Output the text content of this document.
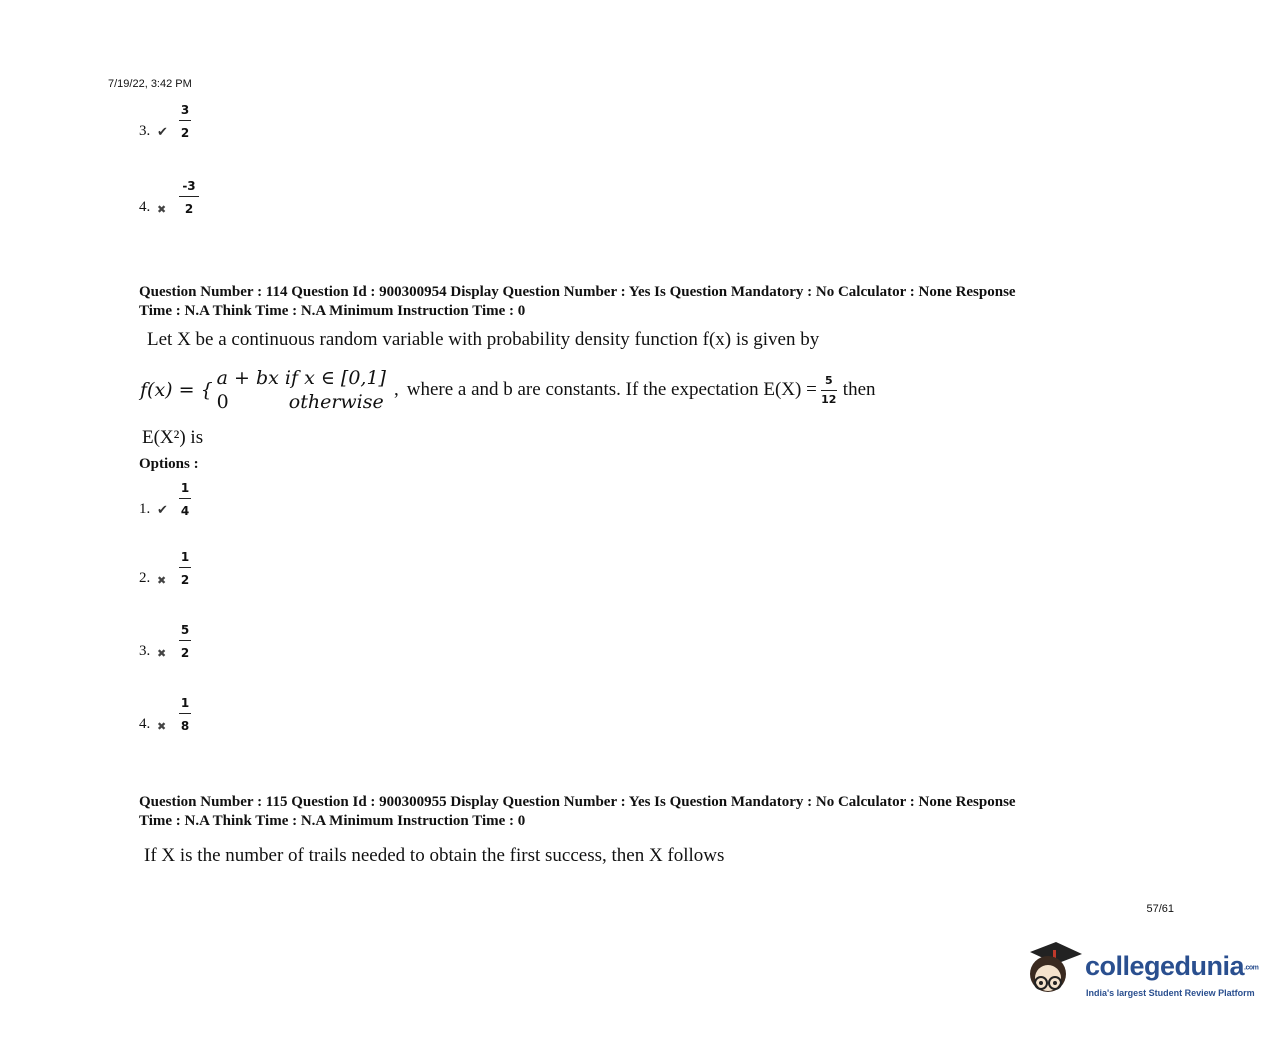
7/19/22, 3:42 PM
3. ✔ $\frac{3}{2}$
4. ✖	$\frac{-3}{2}$
Question Number : 114 Question Id : 900300954 Display Question Number : Yes Is Question Mandatory : No Calculator : None Response
Time : N.A Think Time : N.A Minimum Instruction Time : 0
Let X be a continuous random variable with probability density function f(x) is given by
f(x) = {
a + bx if x ∈ [0,1]
0	otherwise
, where a and b are constants. If the expectation $E(X) = \frac{5}{12}$ then
E(X²) is
Options :
1. ✔ $\frac{1}{4}$
2. ✖	$\frac{1}{2}$
3. ✖	$\frac{5}{2}$
4. ✖	$\frac{1}{8}$
Question Number : 115 Question Id : 900300955 Display Question Number : Yes Is Question Mandatory : No Calculator : None Response
Time : N.A Think Time : N.A Minimum Instruction Time : 0
If X is the number of trails needed to obtain the first success, then X follows
57/61
collegedunia.com
India's largest Student Review Platform
